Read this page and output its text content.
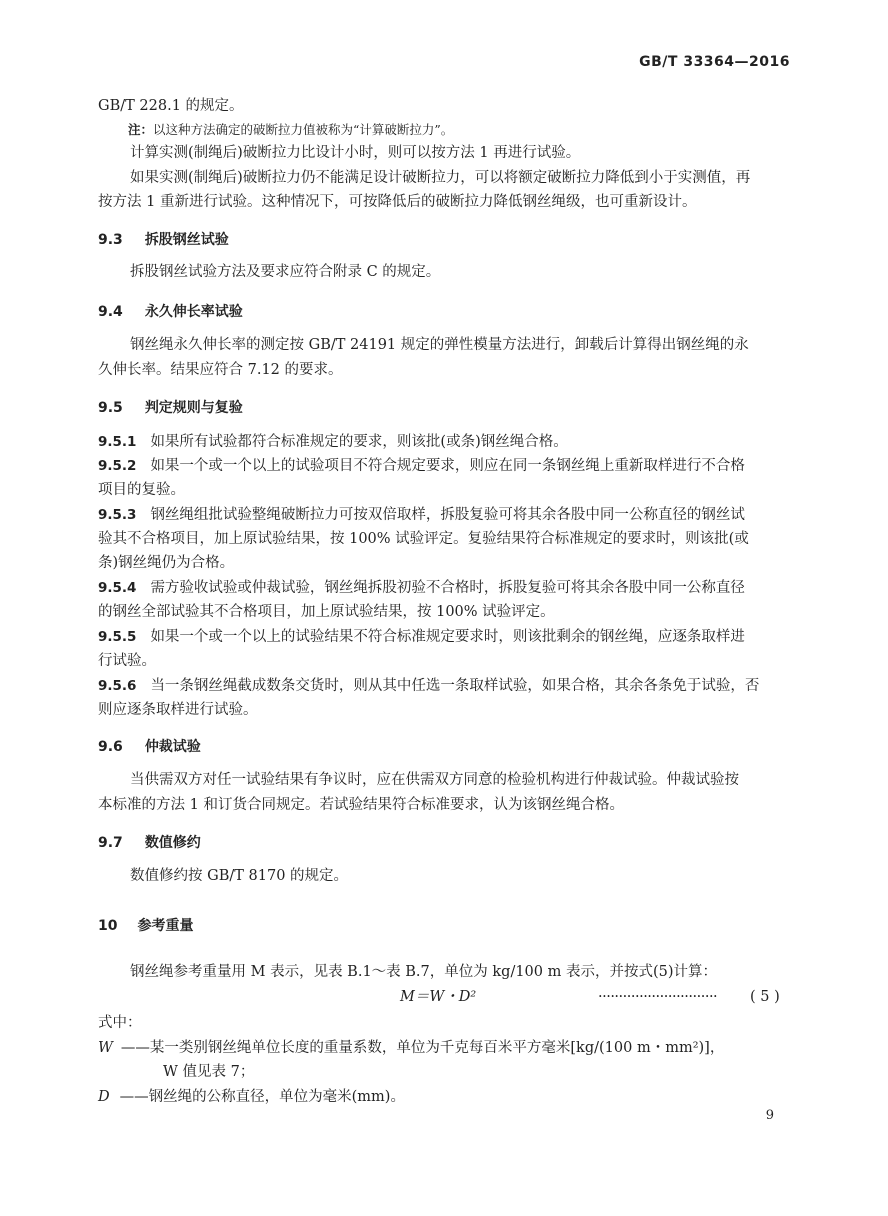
GB/T 33364—2016
GB/T 228.1 的规定。
注：以这种方法确定的破断拉力值被称为“计算破断拉力”。
计算实测(制绳后)破断拉力比设计小时，则可以按方法 1 再进行试验。
如果实测(制绳后)破断拉力仍不能满足设计破断拉力，可以将额定破断拉力降低到小于实测值，再
按方法 1 重新进行试验。这种情况下，可按降低后的破断拉力降低钢丝绳级，也可重新设计。
9.3 拆股钢丝试验
拆股钢丝试验方法及要求应符合附录 C 的规定。
9.4 永久伸长率试验
钢丝绳永久伸长率的测定按 GB/T 24191 规定的弹性模量方法进行，卸载后计算得出钢丝绳的永
久伸长率。结果应符合 7.12 的要求。
9.5 判定规则与复验
9.5.1 如果所有试验都符合标准规定的要求，则该批(或条)钢丝绳合格。
9.5.2 如果一个或一个以上的试验项目不符合规定要求，则应在同一条钢丝绳上重新取样进行不合格
项目的复验。
9.5.3 钢丝绳组批试验整绳破断拉力可按双倍取样，拆股复验可将其余各股中同一公称直径的钢丝试
验其不合格项目，加上原试验结果，按 100% 试验评定。复验结果符合标准规定的要求时，则该批(或
条)钢丝绳仍为合格。
9.5.4 需方验收试验或仲裁试验，钢丝绳拆股初验不合格时，拆股复验可将其余各股中同一公称直径
的钢丝全部试验其不合格项目，加上原试验结果，按 100% 试验评定。
9.5.5 如果一个或一个以上的试验结果不符合标准规定要求时，则该批剩余的钢丝绳，应逐条取样进
行试验。
9.5.6 当一条钢丝绳截成数条交货时，则从其中任选一条取样试验，如果合格，其余各条免于试验，否
则应逐条取样进行试验。
9.6 仲裁试验
当供需双方对任一试验结果有争议时，应在供需双方同意的检验机构进行仲裁试验。仲裁试验按
本标准的方法 1 和订货合同规定。若试验结果符合标准要求，认为该钢丝绳合格。
9.7 数值修约
数值修约按 GB/T 8170 的规定。
10 参考重量
钢丝绳参考重量用 M 表示，见表 B.1～表 B.7，单位为 kg/100 m 表示，并按式(5)计算：
M＝W・D²	····························· ( 5 )
式中：
W ——某一类别钢丝绳单位长度的重量系数，单位为千克每百米平方毫米[kg/(100 m・mm²)]，
W 值见表 7；
D ——钢丝绳的公称直径，单位为毫米(mm)。
9
